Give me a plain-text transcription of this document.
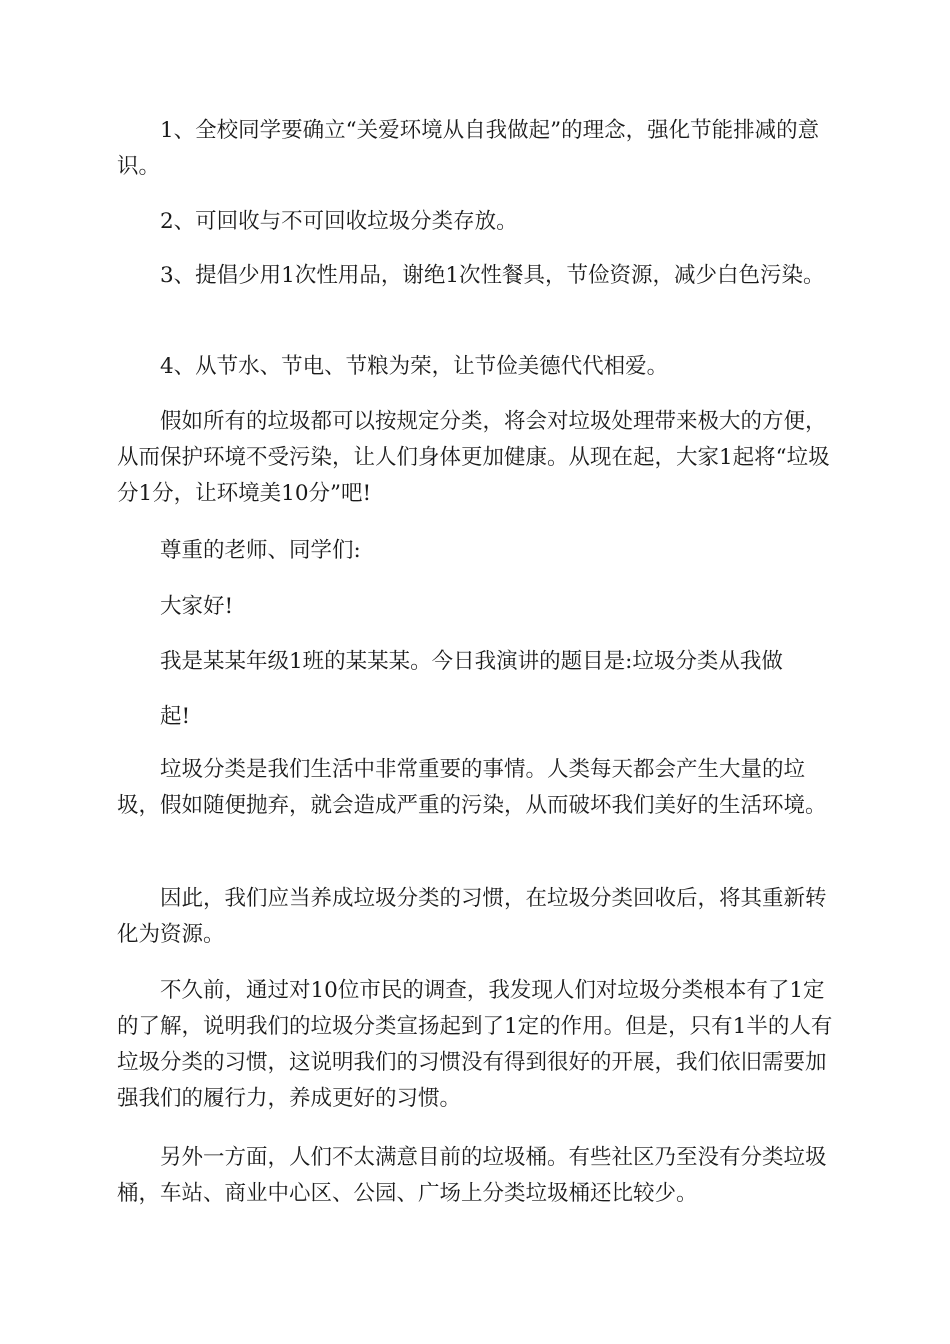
1、全校同学要确立“关爱环境从自我做起”的理念，强化节能排减的意识。

2、可回收与不可回收垃圾分类存放。

3、提倡少用1次性用品，谢绝1次性餐具，节俭资源，减少白色污染。

4、从节水、节电、节粮为荣，让节俭美德代代相爱。

假如所有的垃圾都可以按规定分类，将会对垃圾处理带来极大的方便，从而保护环境不受污染，让人们身体更加健康。从现在起，大家1起将“垃圾分1分，让环境美10分”吧!

尊重的老师、同学们:

大家好!

我是某某年级1班的某某某。今日我演讲的题目是:垃圾分类从我做

起!

垃圾分类是我们生活中非常重要的事情。人类每天都会产生大量的垃圾，假如随便抛弃，就会造成严重的污染，从而破坏我们美好的生活环境。

因此，我们应当养成垃圾分类的习惯，在垃圾分类回收后，将其重新转化为资源。

不久前，通过对10位市民的调查，我发现人们对垃圾分类根本有了1定的了解，说明我们的垃圾分类宣扬起到了1定的作用。但是，只有1半的人有垃圾分类的习惯，这说明我们的习惯没有得到很好的开展，我们依旧需要加强我们的履行力，养成更好的习惯。

另外一方面，人们不太满意目前的垃圾桶。有些社区乃至没有分类垃圾桶，车站、商业中心区、公园、广场上分类垃圾桶还比较少。
